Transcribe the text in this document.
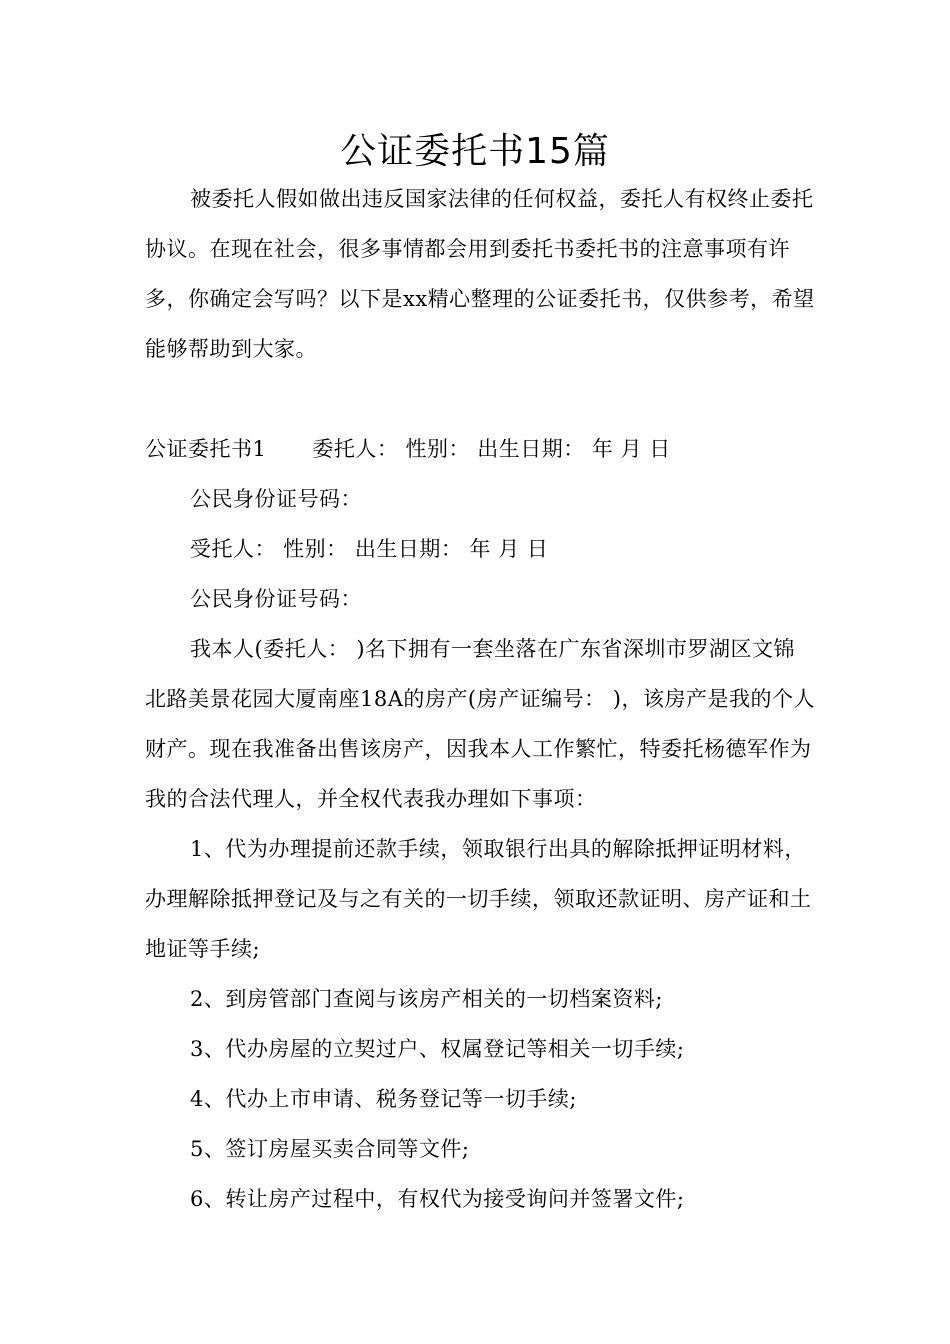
公证委托书15篇

被委托人假如做出违反国家法律的任何权益，委托人有权终止委托协议。在现在社会，很多事情都会用到委托书委托书的注意事项有许多，你确定会写吗？以下是xx精心整理的公证委托书，仅供参考，希望能够帮助到大家。

公证委托书1 委托人： 性别： 出生日期： 年 月 日

公民身份证号码：

受托人： 性别： 出生日期： 年 月 日

公民身份证号码：

我本人(委托人： )名下拥有一套坐落在广东省深圳市罗湖区文锦北路美景花园大厦南座18A的房产(房产证编号： )，该房产是我的个人财产。现在我准备出售该房产，因我本人工作繁忙，特委托杨德军作为我的合法代理人，并全权代表我办理如下事项：

1、代为办理提前还款手续，领取银行出具的解除抵押证明材料，办理解除抵押登记及与之有关的一切手续，领取还款证明、房产证和土地证等手续;

2、到房管部门查阅与该房产相关的一切档案资料;

3、代办房屋的立契过户、权属登记等相关一切手续;

4、代办上市申请、税务登记等一切手续;

5、签订房屋买卖合同等文件;

6、转让房产过程中，有权代为接受询问并签署文件;
